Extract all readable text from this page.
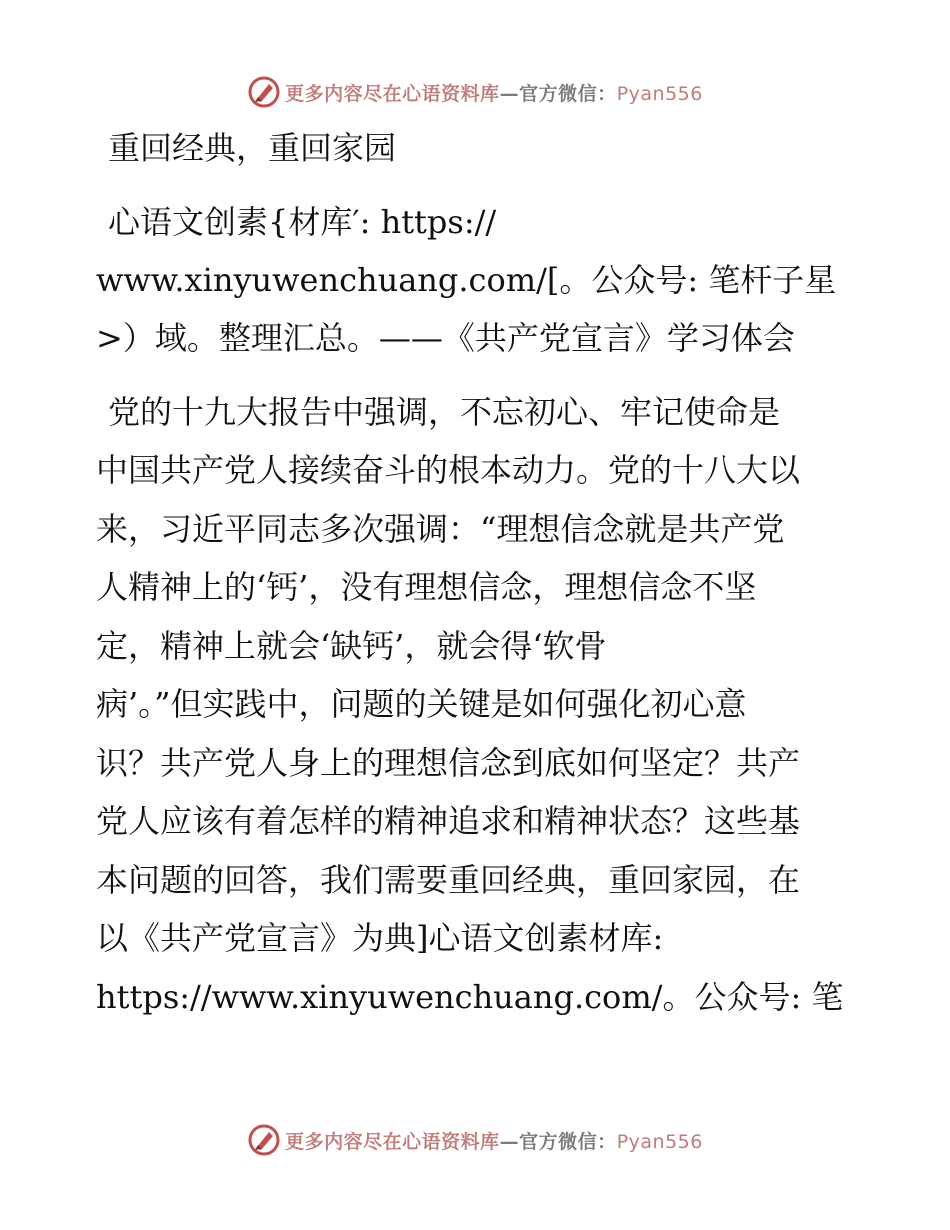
更多内容尽在心语资料库—官方微信：Pyan556
重回经典，重回家园
心语文创素{材库′: https://
www.xinyuwenchuang.com/[。公众号: 笔杆子星
>）域。整理汇总。——《共产党宣言》学习体会
党的十九大报告中强调，不忘初心、牢记使命是
中国共产党人接续奋斗的根本动力。党的十八大以
来，习近平同志多次强调：“理想信念就是共产党
人精神上的‘钙’，没有理想信念，理想信念不坚
定，精神上就会‘缺钙’，就会得‘软骨
病’。”但实践中，问题的关键是如何强化初心意
识？共产党人身上的理想信念到底如何坚定？共产
党人应该有着怎样的精神追求和精神状态？这些基
本问题的回答，我们需要重回经典，重回家园，在
以《共产党宣言》为典]心语文创素材库:
https://www.xinyuwenchuang.com/。公众号: 笔
更多内容尽在心语资料库—官方微信：Pyan556
